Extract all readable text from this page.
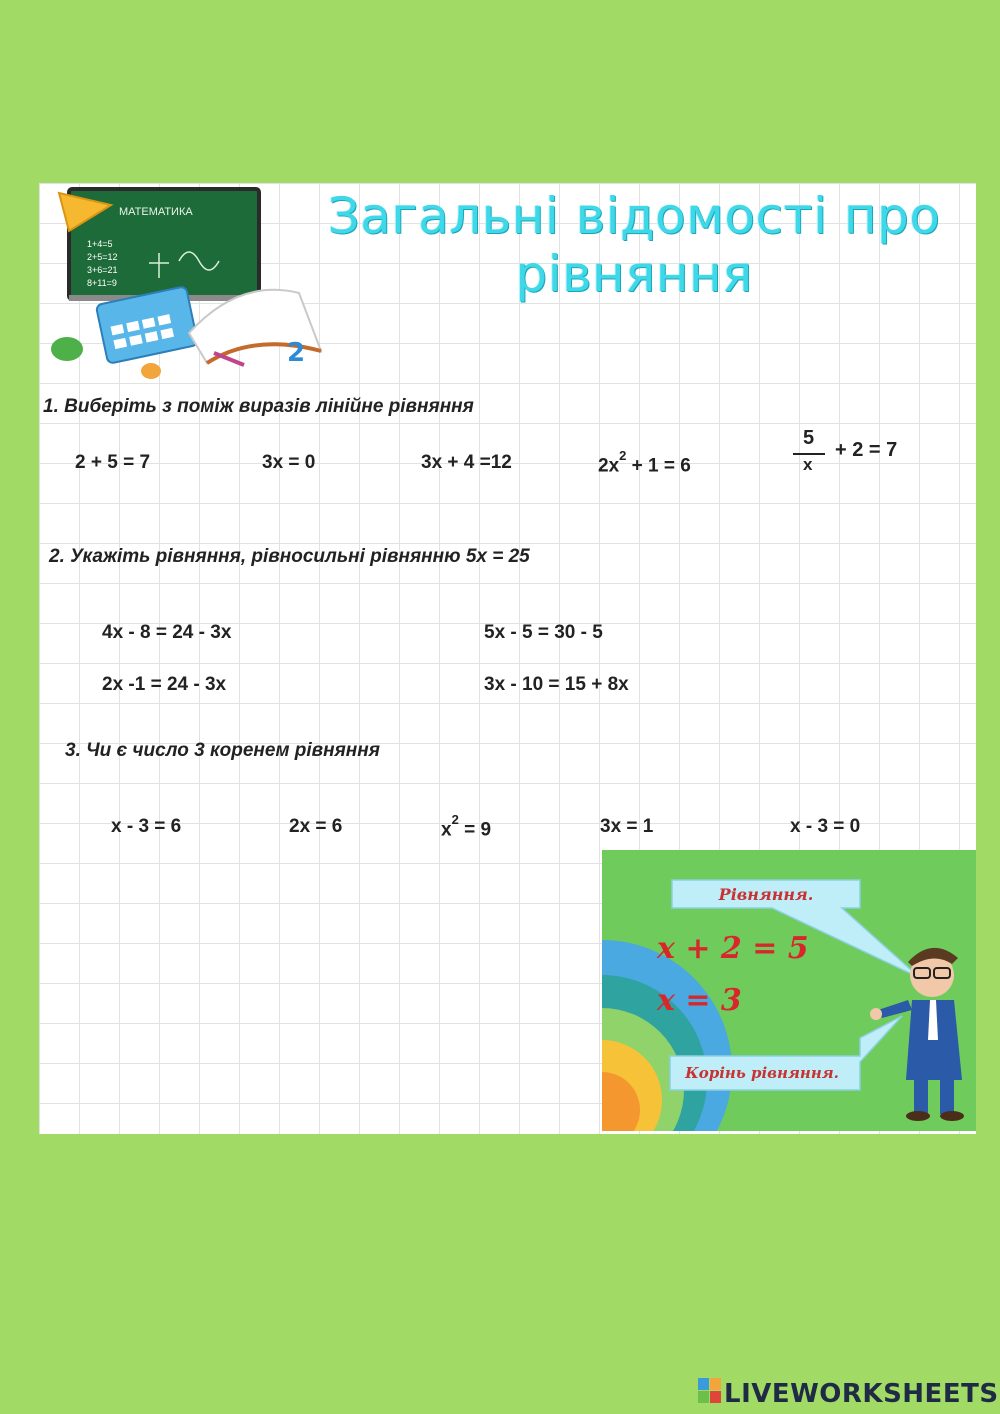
МАТЕМАТИКА
1+4=5
2+5=12
3+6=21
8+11=9
2
Загальні відомості про рівняння
1. Виберіть з поміж виразів лінійне рівняння
2 + 5 = 7	3x = 0	3x + 4 =12	$2x^2 + 1 = 6$
5
x
+ 2 = 7
2. Укажіть рівняння, рівносильні рівнянню 5x = 25
4x - 8 = 24 - 3x	5x - 5 = 30 - 5
2x -1 = 24 - 3x	3x - 10 = 15 + 8x
3. Чи є число 3 коренем рівняння
x - 3 = 6	2x = 6	$x^2 = 9$	3x = 1	x - 3 = 0
Рівняння.
x + 2 = 5
x = 3
Корінь рівняння.
LIVEWORKSHEETS
